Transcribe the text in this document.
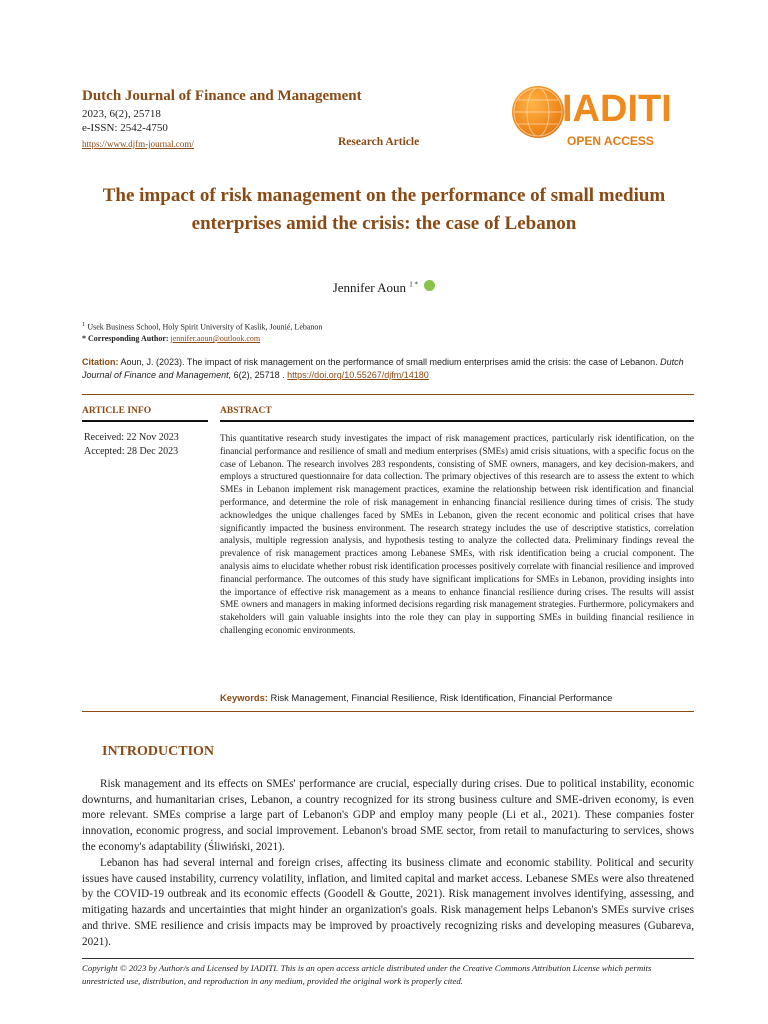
Dutch Journal of Finance and Management
2023, 6(2), 25718
e-ISSN: 2542-4750
https://www.djfm-journal.com/	Research Article
IADITI
OPEN ACCESS
The impact of risk management on the performance of small medium enterprises amid the crisis: the case of Lebanon
Jennifer Aoun $^{1 *}$
$^1$ Usek Business School, Holy Spirit University of Kaslik, Jounié, Lebanon
* Corresponding Author: jennifer.aoun@outlook.com
Citation: Aoun, J. (2023). The impact of risk management on the performance of small medium enterprises amid the crisis: the case of Lebanon. Dutch Journal of Finance and Management, 6(2), 25718 . https://doi.org/10.55267/djfm/14180
ARTICLE INFO	ABSTRACT
Received: 22 Nov 2023
Accepted: 28 Dec 2023
This quantitative research study investigates the impact of risk management practices, particularly risk identification, on the financial performance and resilience of small and medium enterprises (SMEs) amid crisis situations, with a specific focus on the case of Lebanon. The research involves 283 respondents, consisting of SME owners, managers, and key decision-makers, and employs a structured questionnaire for data collection. The primary objectives of this research are to assess the extent to which SMEs in Lebanon implement risk management practices, examine the relationship between risk identification and financial performance, and determine the role of risk management in enhancing financial resilience during times of crisis. The study acknowledges the unique challenges faced by SMEs in Lebanon, given the recent economic and political crises that have significantly impacted the business environment. The research strategy includes the use of descriptive statistics, correlation analysis, multiple regression analysis, and hypothesis testing to analyze the collected data. Preliminary findings reveal the prevalence of risk management practices among Lebanese SMEs, with risk identification being a crucial component. The analysis aims to elucidate whether robust risk identification processes positively correlate with financial resilience and improved financial performance. The outcomes of this study have significant implications for SMEs in Lebanon, providing insights into the importance of effective risk management as a means to enhance financial resilience during crises. The results will assist SME owners and managers in making informed decisions regarding risk management strategies. Furthermore, policymakers and stakeholders will gain valuable insights into the role they can play in supporting SMEs in building financial resilience in challenging economic environments.
Keywords: Risk Management, Financial Resilience, Risk Identification, Financial Performance
INTRODUCTION
Risk management and its effects on SMEs' performance are crucial, especially during crises. Due to political instability, economic downturns, and humanitarian crises, Lebanon, a country recognized for its strong business culture and SME-driven economy, is even more relevant. SMEs comprise a large part of Lebanon's GDP and employ many people (Li et al., 2021). These companies foster innovation, economic progress, and social improvement. Lebanon's broad SME sector, from retail to manufacturing to services, shows the economy's adaptability (Śliwiński, 2021).
Lebanon has had several internal and foreign crises, affecting its business climate and economic stability. Political and security issues have caused instability, currency volatility, inflation, and limited capital and market access. Lebanese SMEs were also threatened by the COVID-19 outbreak and its economic effects (Goodell & Goutte, 2021). Risk management involves identifying, assessing, and mitigating hazards and uncertainties that might hinder an organization's goals. Risk management helps Lebanon's SMEs survive crises and thrive. SME resilience and crisis impacts may be improved by proactively recognizing risks and developing measures (Gubareva, 2021).
Copyright © 2023 by Author/s and Licensed by IADITI. This is an open access article distributed under the Creative Commons Attribution License which permits unrestricted use, distribution, and reproduction in any medium, provided the original work is properly cited.
